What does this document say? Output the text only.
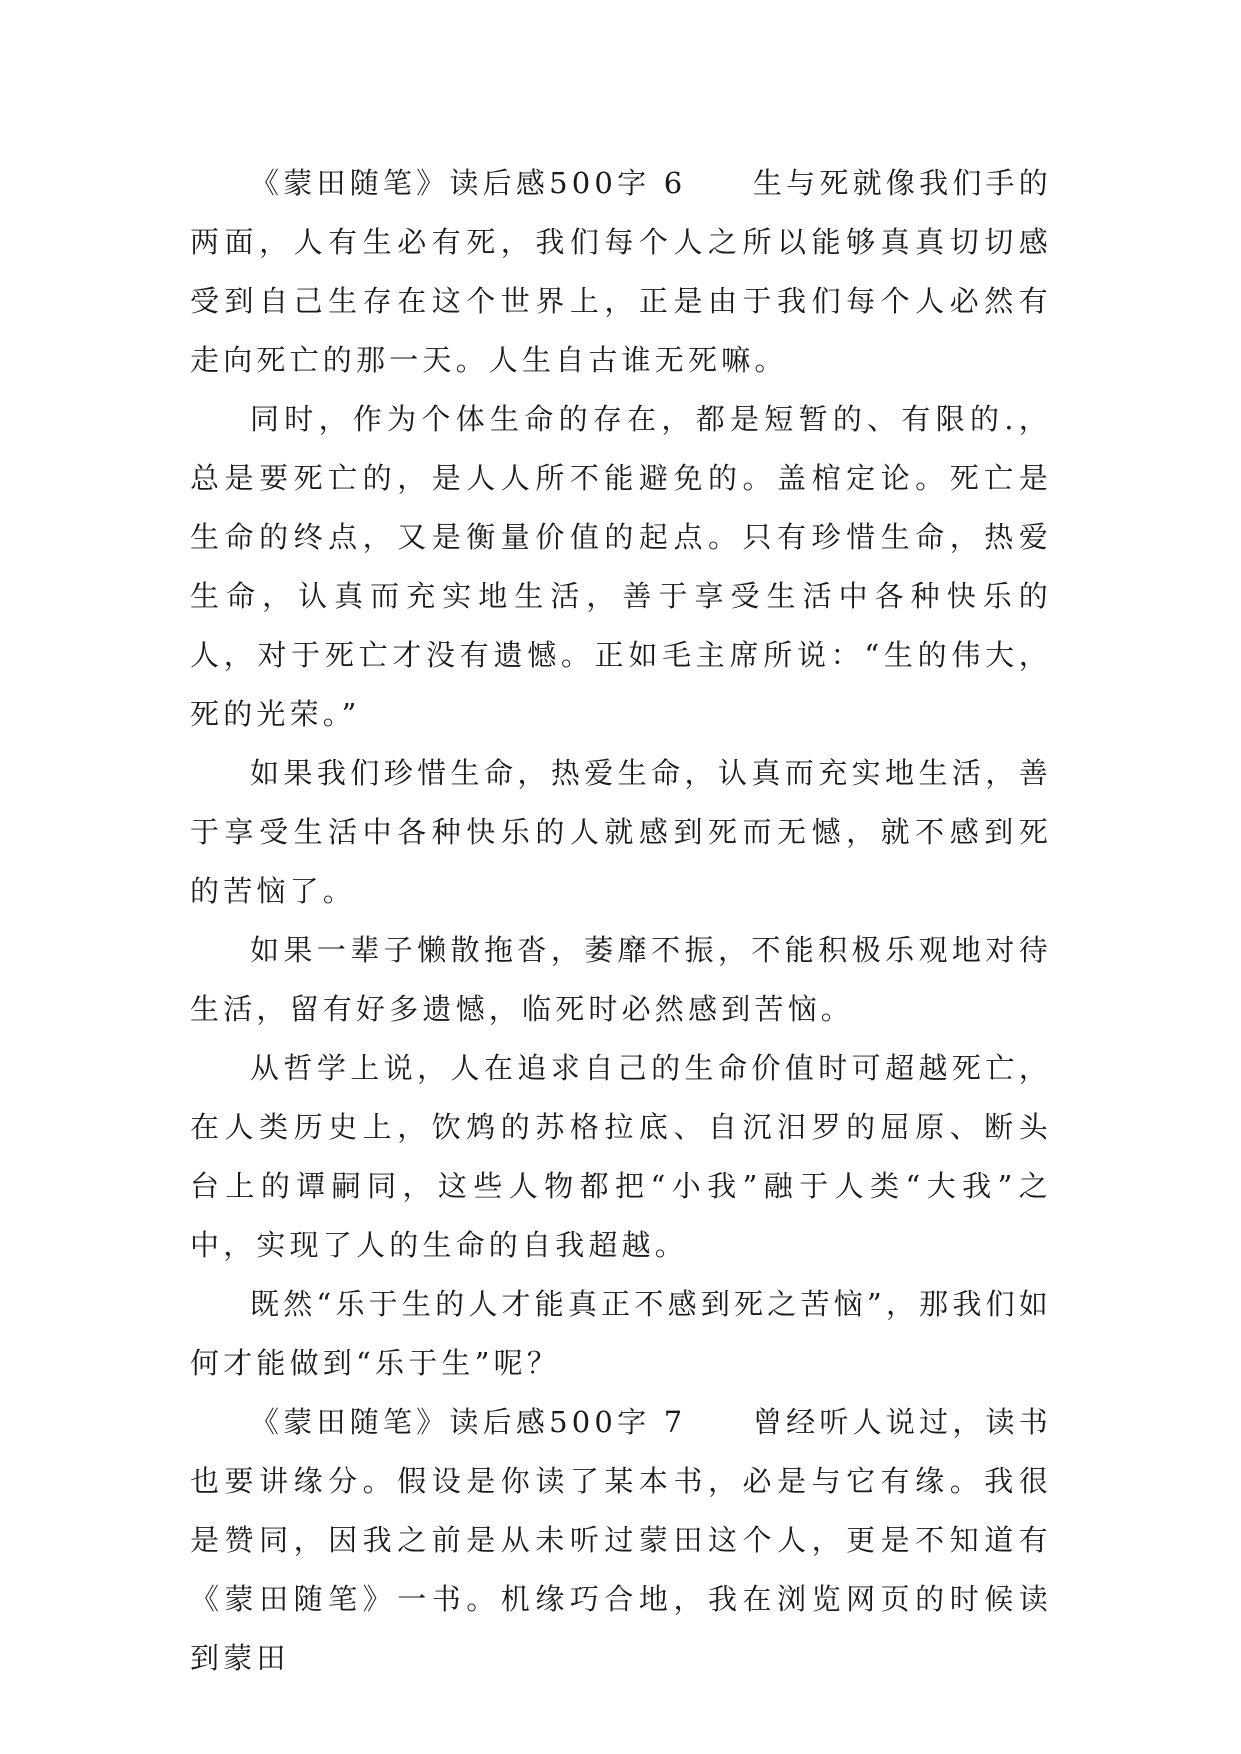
《蒙田随笔》读后感500字 6　　生与死就像我们手的两面，人有生必有死，我们每个人之所以能够真真切切感受到自己生存在这个世界上，正是由于我们每个人必然有走向死亡的那一天。人生自古谁无死嘛。

同时，作为个体生命的存在，都是短暂的、有限的.，总是要死亡的，是人人所不能避免的。盖棺定论。死亡是生命的终点，又是衡量价值的起点。只有珍惜生命，热爱生命，认真而充实地生活，善于享受生活中各种快乐的人，对于死亡才没有遗憾。正如毛主席所说：“生的伟大，死的光荣。”

如果我们珍惜生命，热爱生命，认真而充实地生活，善于享受生活中各种快乐的人就感到死而无憾，就不感到死的苦恼了。

如果一辈子懒散拖沓，萎靡不振，不能积极乐观地对待生活，留有好多遗憾，临死时必然感到苦恼。

从哲学上说，人在追求自己的生命价值时可超越死亡，在人类历史上，饮鸩的苏格拉底、自沉汨罗的屈原、断头台上的谭嗣同，这些人物都把“小我”融于人类“大我”之中，实现了人的生命的自我超越。

既然“乐于生的人才能真正不感到死之苦恼”，那我们如何才能做到“乐于生”呢？

《蒙田随笔》读后感500字 7　　曾经听人说过，读书也要讲缘分。假设是你读了某本书，必是与它有缘。我很是赞同，因我之前是从未听过蒙田这个人，更是不知道有《蒙田随笔》一书。机缘巧合地，我在浏览网页的时候读到蒙田
